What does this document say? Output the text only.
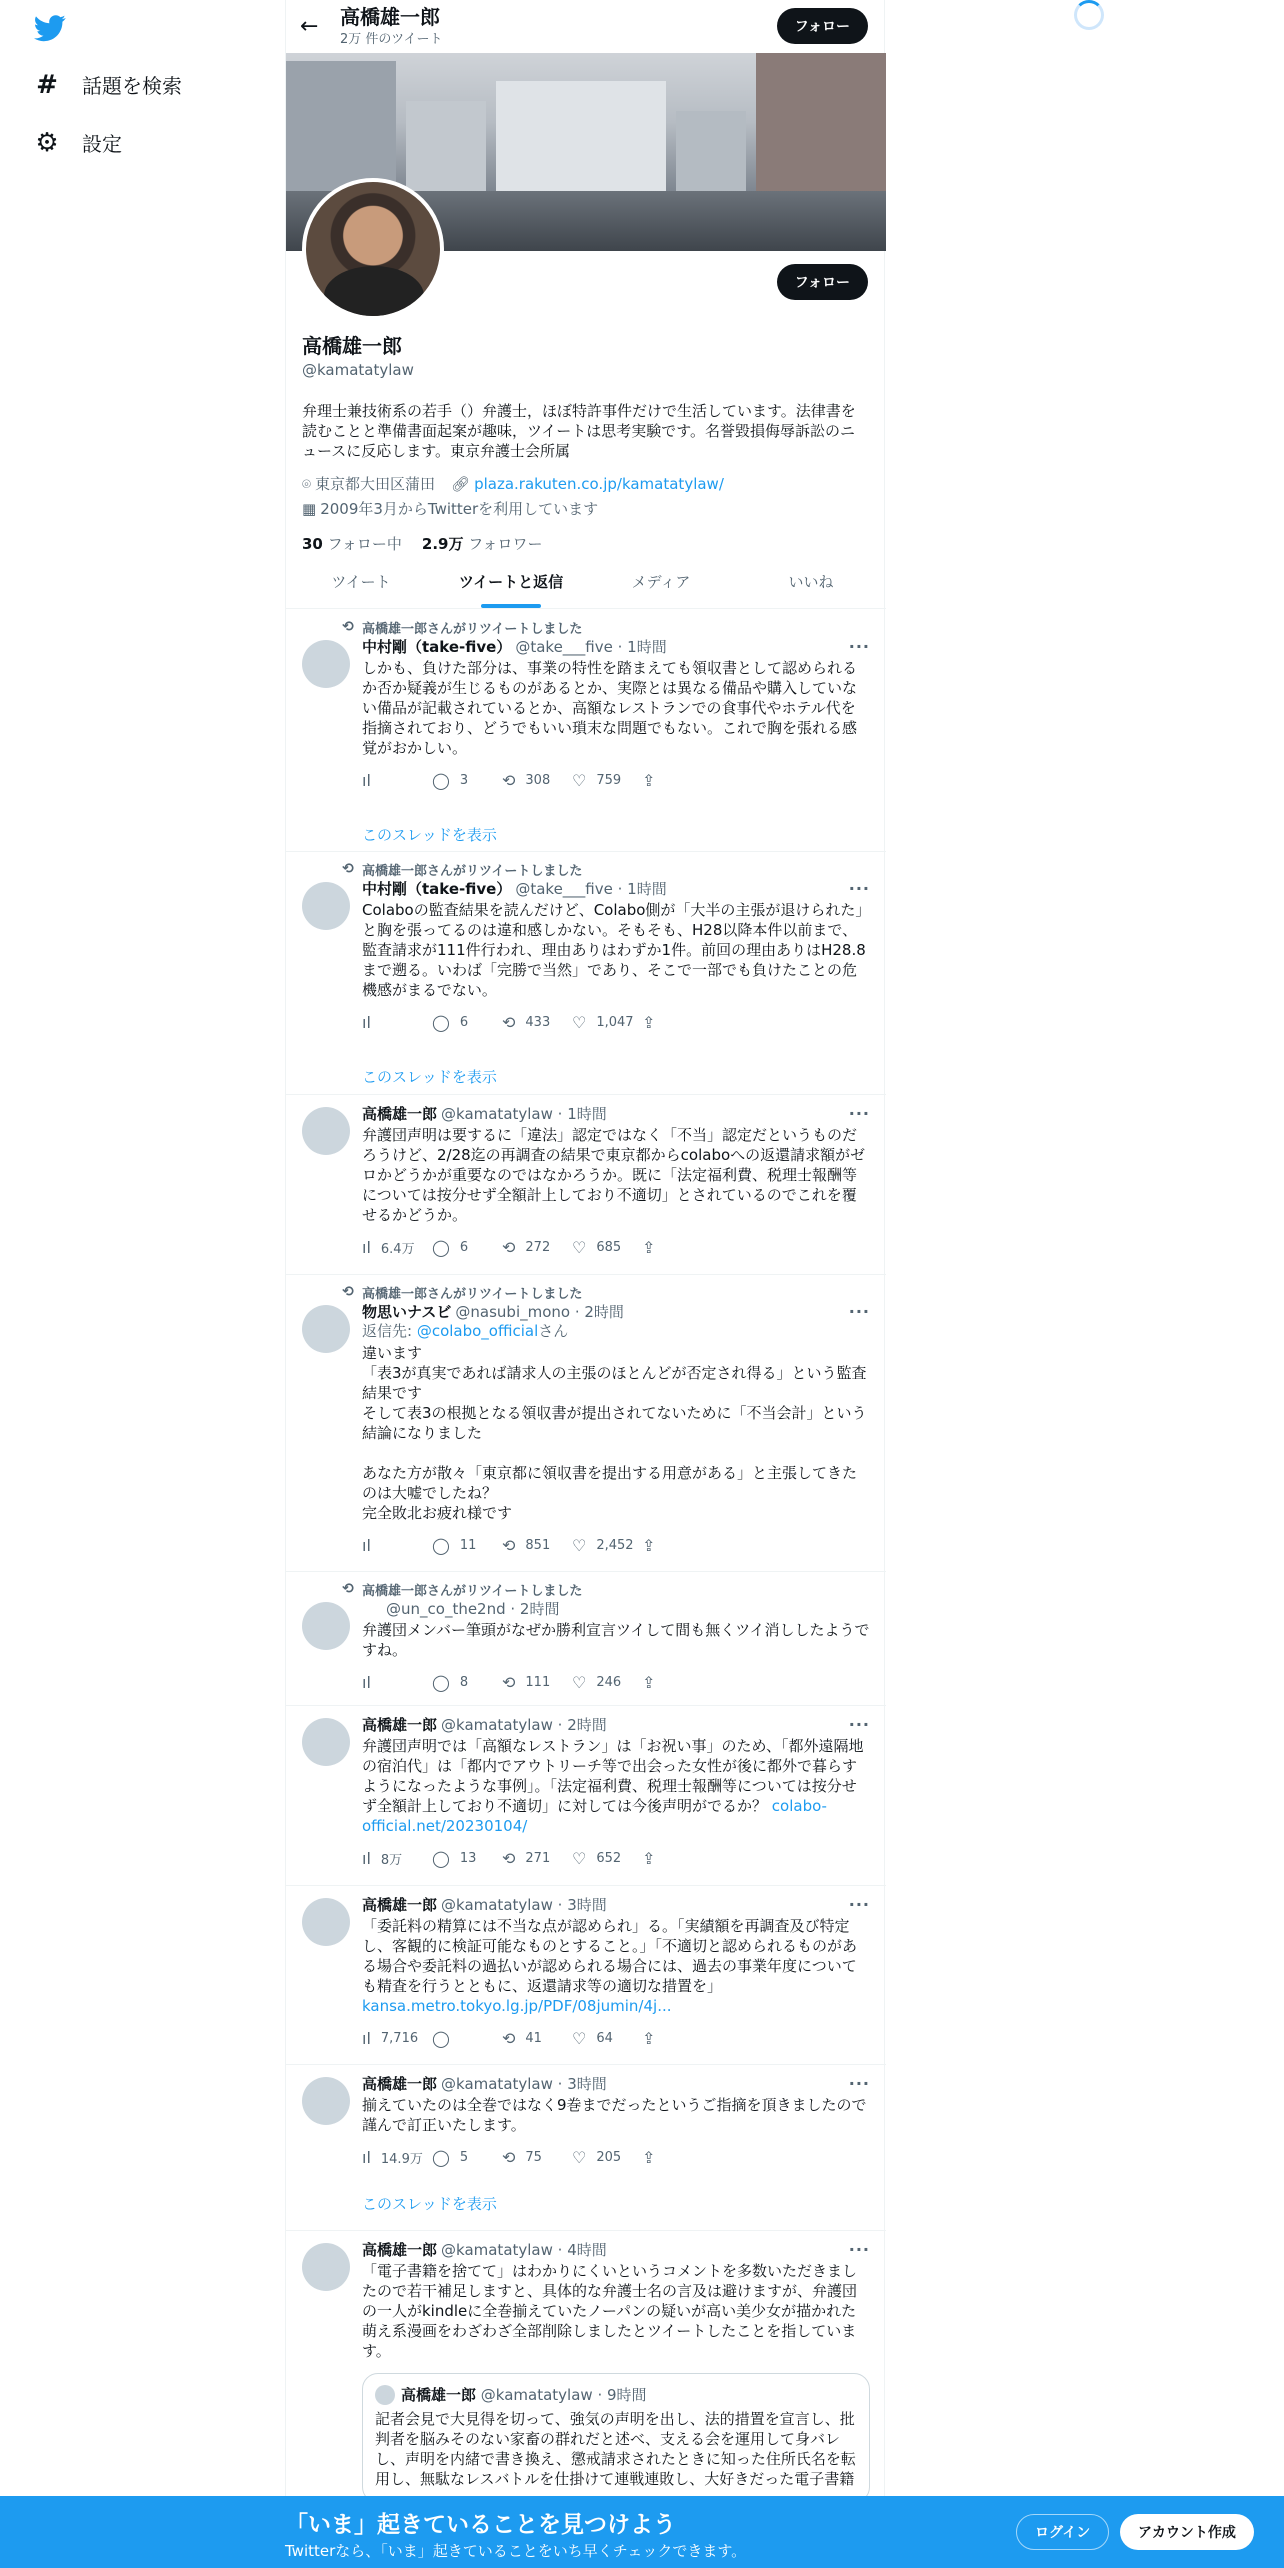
# 話題を検索
⚙ 設定
←	高橋雄一郎
2万 件のツイート
フォロー
フォロー
高橋雄一郎
@kamatatylaw
弁理士兼技術系の若手（）弁護士，ほぼ特許事件だけで生活しています。法律書を読むことと準備書面起案が趣味，ツイートは思考実験です。名誉毀損侮辱訴訟のニュースに反応します。東京弁護士会所属
⌾ 東京都大田区蒲田 🔗︎ plaza.rakuten.co.jp/kamatatylaw/
▦ 2009年3月からTwitterを利用しています
30 フォロー中 2.9万 フォロワー
ツイート	ツイートと返信	メディア	いいね
⟲ 高橋雄一郎さんがリツイートしました
中村剛（take-five） @take___five · 1時間	···
しかも、負けた部分は、事業の特性を踏まえても領収書として認められるか否か疑義が生じるものがあるとか、実際とは異なる備品や購入していない備品が記載されているとか、高額なレストランでの食事代やホテル代を指摘されており、どうでもいい瑣末な問題でもない。これで胸を張れる感覚がおかしい。
ıl	◯ 3 ⟲ 308 ♡ 759 ⇪
このスレッドを表示
⟲ 高橋雄一郎さんがリツイートしました
中村剛（take-five） @take___five · 1時間	···
Colaboの監査結果を読んだけど、Colabo側が「大半の主張が退けられた」と胸を張ってるのは違和感しかない。そもそも、H28以降本件以前まで、監査請求が111件行われ、理由ありはわずか1件。前回の理由ありはH28.8まで遡る。いわば「完勝で当然」であり、そこで一部でも負けたことの危機感がまるでない。
ıl	◯ 6 ⟲ 433 ♡ 1,047 ⇪
このスレッドを表示
高橋雄一郎 @kamatatylaw · 1時間	···
弁護団声明は要するに「違法」認定ではなく「不当」認定だというものだろうけど、2/28迄の再調査の結果で東京都からcolaboへの返還請求額がゼロかどうかが重要なのではなかろうか。既に「法定福利費、税理士報酬等については按分せず全額計上しており不適切」とされているのでこれを覆せるかどうか。
ıl 6.4万 ◯ 6 ⟲ 272 ♡ 685 ⇪
⟲ 高橋雄一郎さんがリツイートしました
物思いナスビ @nasubi_mono · 2時間	···
返信先: @colabo_officialさん
違います
「表3が真実であれば請求人の主張のほとんどが否定され得る」という監査結果です
そして表3の根拠となる領収書が提出されてないために「不当会計」という結論になりました

あなた方が散々「東京都に領収書を提出する用意がある」と主張してきたのは大嘘でしたね？
完全敗北お疲れ様です
ıl	◯ 11 ⟲ 851 ♡ 2,452 ⇪
⟲ 高橋雄一郎さんがリツイートしました
@un_co_the2nd · 2時間
弁護団メンバー筆頭がなぜか勝利宣言ツイして間も無くツイ消ししたようですね。
ıl	◯ 8 ⟲ 111 ♡ 246 ⇪
高橋雄一郎 @kamatatylaw · 2時間	···
弁護団声明では「高額なレストラン」は「お祝い事」のため、「都外遠隔地の宿泊代」は「都内でアウトリーチ等で出会った女性が後に都外で暮らすようになったような事例」。「法定福利費、税理士報酬等については按分せず全額計上しており不適切」に対しては今後声明がでるか？ colabo-official.net/20230104/
ıl 8万 ◯ 13 ⟲ 271 ♡ 652 ⇪
高橋雄一郎 @kamatatylaw · 3時間	···
「委託料の精算には不当な点が認められ」る。「実績額を再調査及び特定し、客観的に検証可能なものとすること。」「不適切と認められるものがある場合や委託料の過払いが認められる場合には、過去の事業年度についても精査を行うとともに、返還請求等の適切な措置を」kansa.metro.tokyo.lg.jp/PDF/08jumin/4j...
ıl 7,716 ◯	⟲ 41 ♡ 64 ⇪
高橋雄一郎 @kamatatylaw · 3時間	···
揃えていたのは全巻ではなく9巻までだったというご指摘を頂きましたので謹んで訂正いたします。
ıl 14.9万 ◯ 5 ⟲ 75 ♡ 205 ⇪
このスレッドを表示
高橋雄一郎 @kamatatylaw · 4時間	···
「電子書籍を捨てて」はわかりにくいというコメントを多数いただきましたので若干補足しますと、具体的な弁護士名の言及は避けますが、弁護団の一人がkindleに全巻揃えていたノーパンの疑いが高い美少女が描かれた萌え系漫画をわざわざ全部削除しましたとツイートしたことを指しています。
高橋雄一郎
@kamatatylaw · 9時間
記者会見で大見得を切って、強気の声明を出し、法的措置を宣言し、批判者を脳みそのない家畜の群れだと述べ、支える会を運用して身バレし、声明を内緒で書き換え、懲戒請求されたときに知った住所氏名を転用し、無駄なレスバトルを仕掛けて連戦連敗し、大好きだった電子書籍
「いま」起きていることを見つけよう
Twitterなら、「いま」起きていることをいち早くチェックできます。
ログイン	アカウント作成
